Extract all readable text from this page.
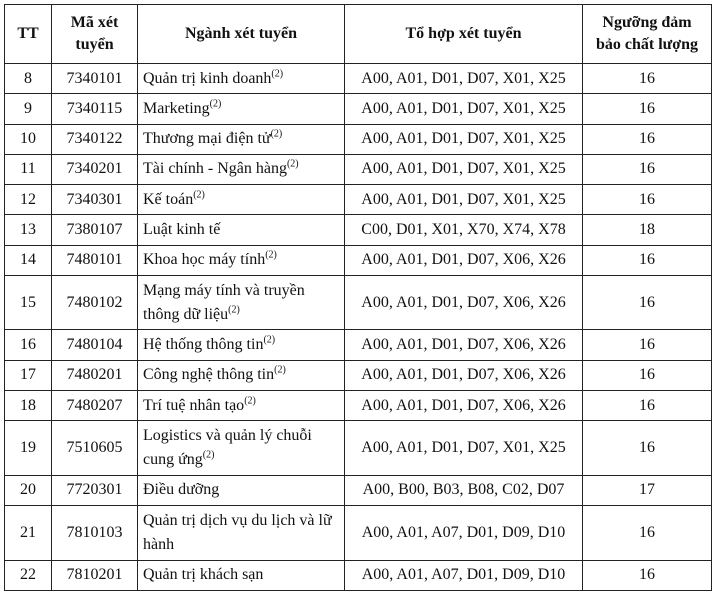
TT	Mã xét tuyển	Ngành xét tuyển	Tổ hợp xét tuyển	Ngưỡng đảm bảo chất lượng
8	7340101	Quản trị kinh doanh$^{(2)}$	A00, A01, D01, D07, X01, X25	16
9	7340115	Marketing$^{(2)}$	A00, A01, D01, D07, X01, X25	16
10	7340122	Thương mại điện tử$^{(2)}$	A00, A01, D01, D07, X01, X25	16
11	7340201	Tài chính - Ngân hàng$^{(2)}$	A00, A01, D01, D07, X01, X25	16
12	7340301	Kế toán$^{(2)}$	A00, A01, D01, D07, X01, X25	16
13	7380107	Luật kinh tế	C00, D01, X01, X70, X74, X78	18
14	7480101	Khoa học máy tính$^{(2)}$	A00, A01, D01, D07, X06, X26	16
15	7480102	Mạng máy tính và truyền thông dữ liệu$^{(2)}$	A00, A01, D01, D07, X06, X26	16
16	7480104	Hệ thống thông tin$^{(2)}$	A00, A01, D01, D07, X06, X26	16
17	7480201	Công nghệ thông tin$^{(2)}$	A00, A01, D01, D07, X06, X26	16
18	7480207	Trí tuệ nhân tạo$^{(2)}$	A00, A01, D01, D07, X06, X26	16
19	7510605	Logistics và quản lý chuỗi cung ứng$^{(2)}$	A00, A01, D01, D07, X01, X25	16
20	7720301	Điều dưỡng	A00, B00, B03, B08, C02, D07	17
21	7810103	Quản trị dịch vụ du lịch và lữ hành	A00, A01, A07, D01, D09, D10	16
22	7810201	Quản trị khách sạn	A00, A01, A07, D01, D09, D10	16
